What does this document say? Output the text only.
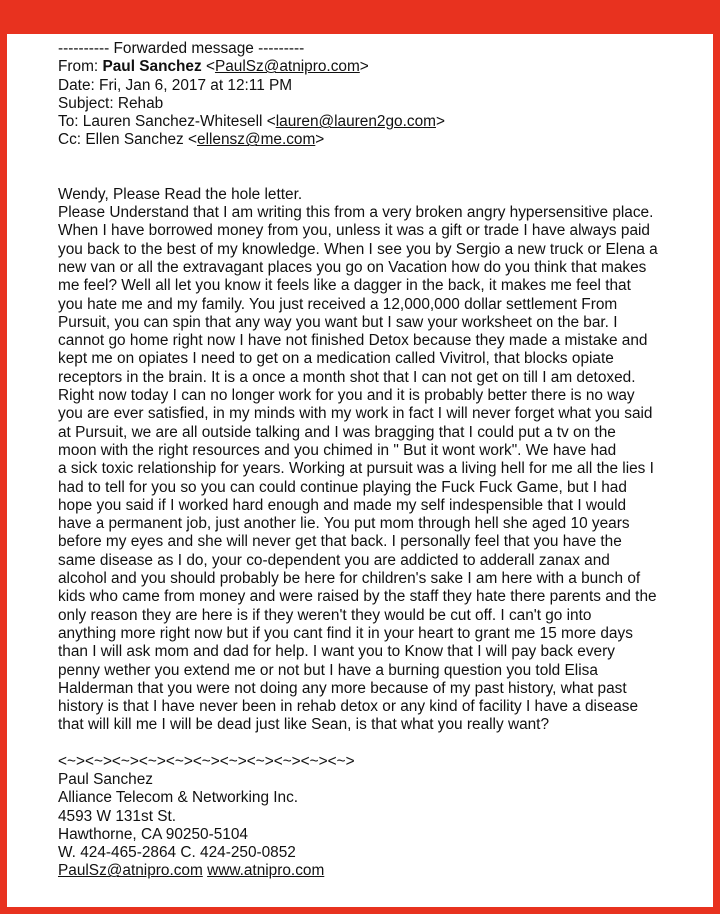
---------- Forwarded message ---------
From: Paul Sanchez <PaulSz@atnipro.com>
Date: Fri, Jan 6, 2017 at 12:11 PM
Subject: Rehab
To: Lauren Sanchez-Whitesell <lauren@lauren2go.com>
Cc: Ellen Sanchez <ellensz@me.com>
Wendy, Please Read the hole letter.
Please Understand that I am writing this from a very broken angry hypersensitive place.
When I have borrowed money from you, unless it was a gift or trade I have always paid
you back to the best of my knowledge. When I see you by Sergio a new truck or Elena a
new van or all the extravagant places you go on Vacation how do you think that makes
me feel? Well all let you know it feels like a dagger in the back, it makes me feel that
you hate me and my family. You just received a 12,000,000 dollar settlement From
Pursuit, you can spin that any way you want but I saw your worksheet on the bar. I
cannot go home right now I have not finished Detox because they made a mistake and
kept me on opiates I need to get on a medication called Vivitrol, that blocks opiate
receptors in the brain. It is a once a month shot that I can not get on till I am detoxed.
Right now today I can no longer work for you and it is probably better there is no way
you are ever satisfied, in my minds with my work in fact I will never forget what you said
at Pursuit, we are all outside talking and I was bragging that I could put a tv on the
moon with the right resources and you chimed in " But it wont work". We have had
a sick toxic relationship for years. Working at pursuit was a living hell for me all the lies I
had to tell for you so you can could continue playing the Fuck Fuck Game, but I had
hope you said if I worked hard enough and made my self indespensible that I would
have a permanent job, just another lie. You put mom through hell she aged 10 years
before my eyes and she will never get that back. I personally feel that you have the
same disease as I do, your co-dependent you are addicted to adderall zanax and
alcohol and you should probably be here for children's sake I am here with a bunch of
kids who came from money and were raised by the staff they hate there parents and the
only reason they are here is if they weren't they would be cut off. I can't go into
anything more right now but if you cant find it in your heart to grant me 15 more days
than I will ask mom and dad for help. I want you to Know that I will pay back every
penny wether you extend me or not but I have a burning question you told Elisa
Halderman that you were not doing any more because of my past history, what past
history is that I have never been in rehab detox or any kind of facility I have a disease
that will kill me I will be dead just like Sean, is that what you really want?
<~><~><~><~><~><~><~><~><~><~><~>
Paul Sanchez
Alliance Telecom & Networking Inc.
4593 W 131st St.
Hawthorne, CA 90250-5104
W. 424-465-2864 C. 424-250-0852
PaulSz@atnipro.com www.atnipro.com
